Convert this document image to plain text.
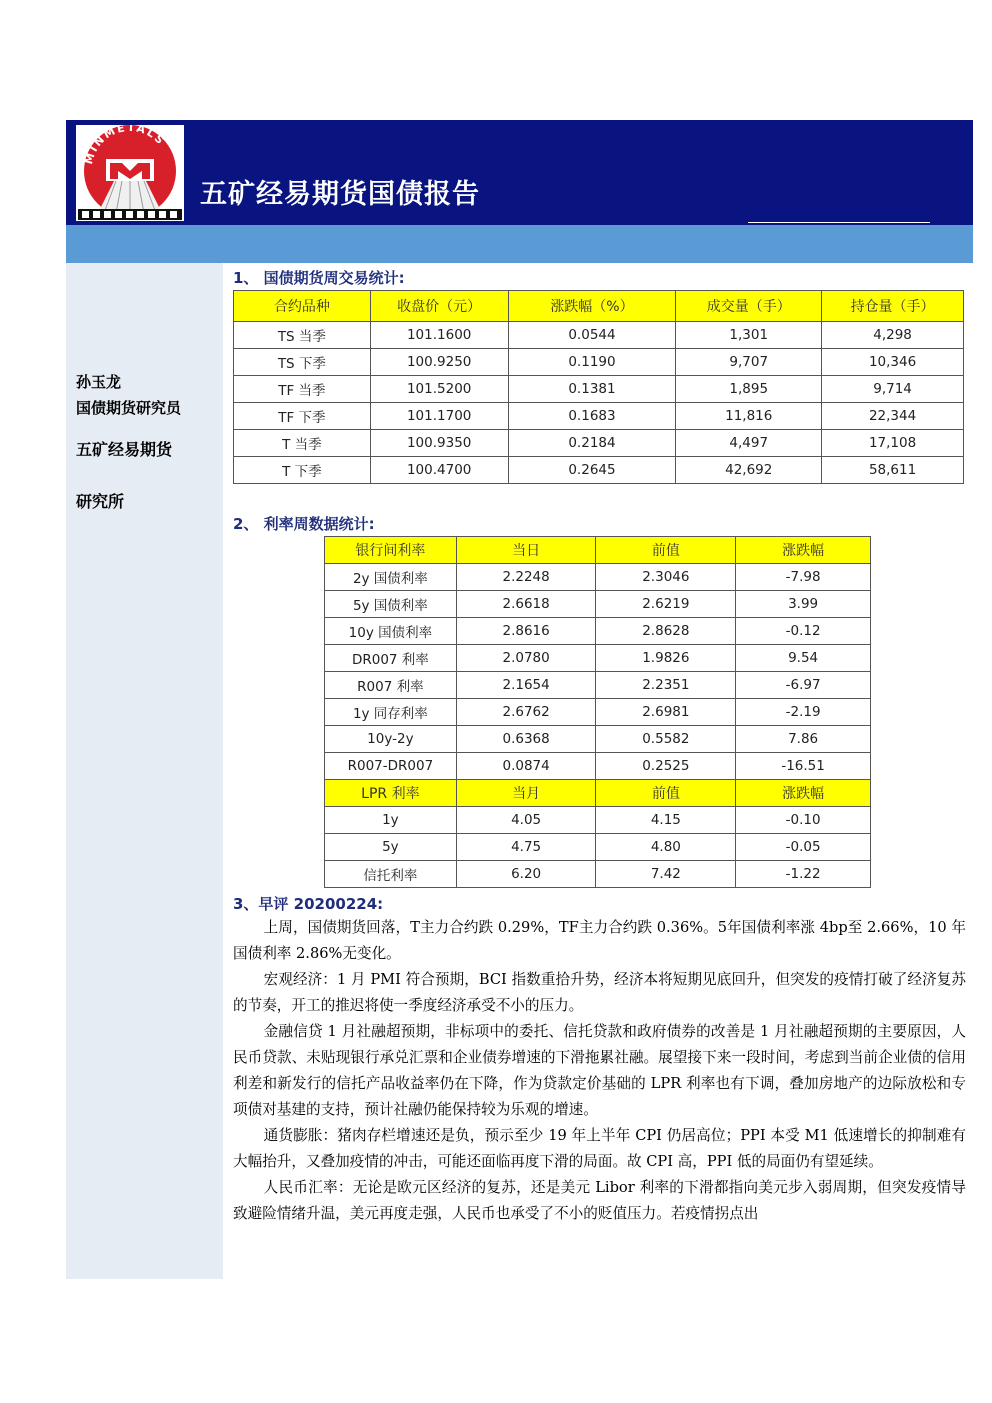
MINMETALS
五矿经易期货国债报告
孙玉龙
国债期货研究员
五矿经易期货
研究所
1、 国债期货周交易统计:
合约品种	收盘价（元）	涨跌幅（%）	成交量（手）	持仓量（手）
TS 当季	101.1600	0.0544	1,301	4,298
TS 下季	100.9250	0.1190	9,707	10,346
TF 当季	101.5200	0.1381	1,895	9,714
TF 下季	101.1700	0.1683	11,816	22,344
T 当季	100.9350	0.2184	4,497	17,108
T 下季	100.4700	0.2645	42,692	58,611
2、 利率周数据统计:
银行间利率	当日	前值	涨跌幅
2y 国债利率	2.2248	2.3046	-7.98
5y 国债利率	2.6618	2.6219	3.99
10y 国债利率	2.8616	2.8628	-0.12
DR007 利率	2.0780	1.9826	9.54
R007 利率	2.1654	2.2351	-6.97
1y 同存利率	2.6762	2.6981	-2.19
10y-2y	0.6368	0.5582	7.86
R007-DR007	0.0874	0.2525	-16.51
LPR 利率	当月	前值	涨跌幅
1y	4.05	4.15	-0.10
5y	4.75	4.80	-0.05
信托利率	6.20	7.42	-1.22
3、早评 20200224:

上周，国债期货回落，T主力合约跌 0.29%，TF主力合约跌 0.36%。5年国债利率涨 4bp至 2.66%，10 年国债利率 2.86%无变化。

宏观经济：1 月 PMI 符合预期，BCI 指数重拾升势，经济本将短期见底回升，但突发的疫情打破了经济复苏的节奏，开工的推迟将使一季度经济承受不小的压力。

金融信贷 1 月社融超预期，非标项中的委托、信托贷款和政府债券的改善是 1 月社融超预期的主要原因，人民币贷款、未贴现银行承兑汇票和企业债券增速的下滑拖累社融。展望接下来一段时间，考虑到当前企业债的信用利差和新发行的信托产品收益率仍在下降，作为贷款定价基础的 LPR 利率也有下调，叠加房地产的边际放松和专项债对基建的支持，预计社融仍能保持较为乐观的增速。

通货膨胀：猪肉存栏增速还是负，预示至少 19 年上半年 CPI 仍居高位；PPI 本受 M1 低速增长的抑制难有大幅抬升，又叠加疫情的冲击，可能还面临再度下滑的局面。故 CPI 高，PPI 低的局面仍有望延续。

人民币汇率：无论是欧元区经济的复苏，还是美元 Libor 利率的下滑都指向美元步入弱周期，但突发疫情导致避险情绪升温，美元再度走强，人民币也承受了不小的贬值压力。若疫情拐点出
